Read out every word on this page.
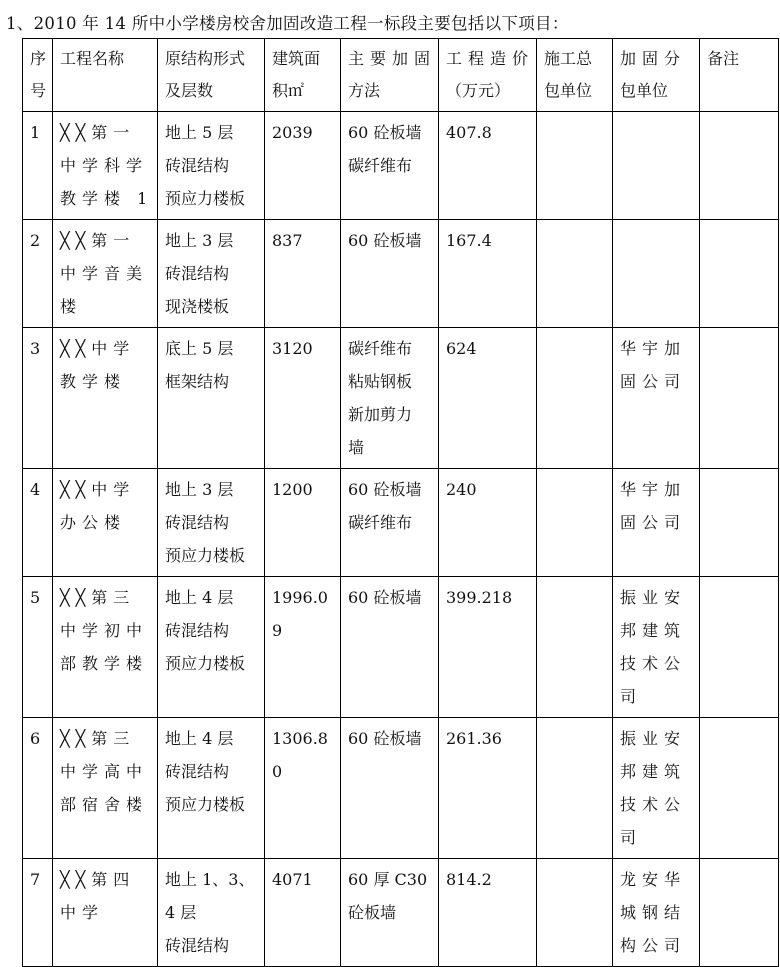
1、2010 年 14 所中小学楼房校舍加固改造工程一标段主要包括以下项目：
序
号	工程名称	原结构形式
及层数	建筑面
积㎡	主要加固
方法	工程造价
（万元）	施工总
包单位	加固分
包单位	备注

1	╳╳第一
中学科学
教学楼 1	地上 5 层
砖混结构
预应力楼板	2039	60 砼板墙
碳纤维布	407.8			
2	╳╳第一
中学音美
楼	地上 3 层
砖混结构
现浇楼板	837	60 砼板墙	167.4			
3	╳╳中学
教学楼	底上 5 层
框架结构	3120	碳纤维布
粘贴钢板
新加剪力
墙	624		华宇加
固公司	

4	╳╳中学
办公楼	地上 3 层
砖混结构
预应力楼板	1200	60 砼板墙
碳纤维布	240		华宇加
固公司	

5	╳╳第三
中学初中
部教学楼	地上 4 层
砖混结构
预应力楼板	1996.0
9	60 砼板墙	399.218		振业安
邦建筑
技术公
司	

6	╳╳第三
中学高中
部宿舍楼	地上 4 层
砖混结构
预应力楼板	1306.8
0	60 砼板墙	261.36		振业安
邦建筑
技术公
司	

7	╳╳第四
中学	地上 1、3、
4 层
砖混结构	4071	60 厚 C30
砼板墙	814.2		龙安华
城钢结
构公司	
